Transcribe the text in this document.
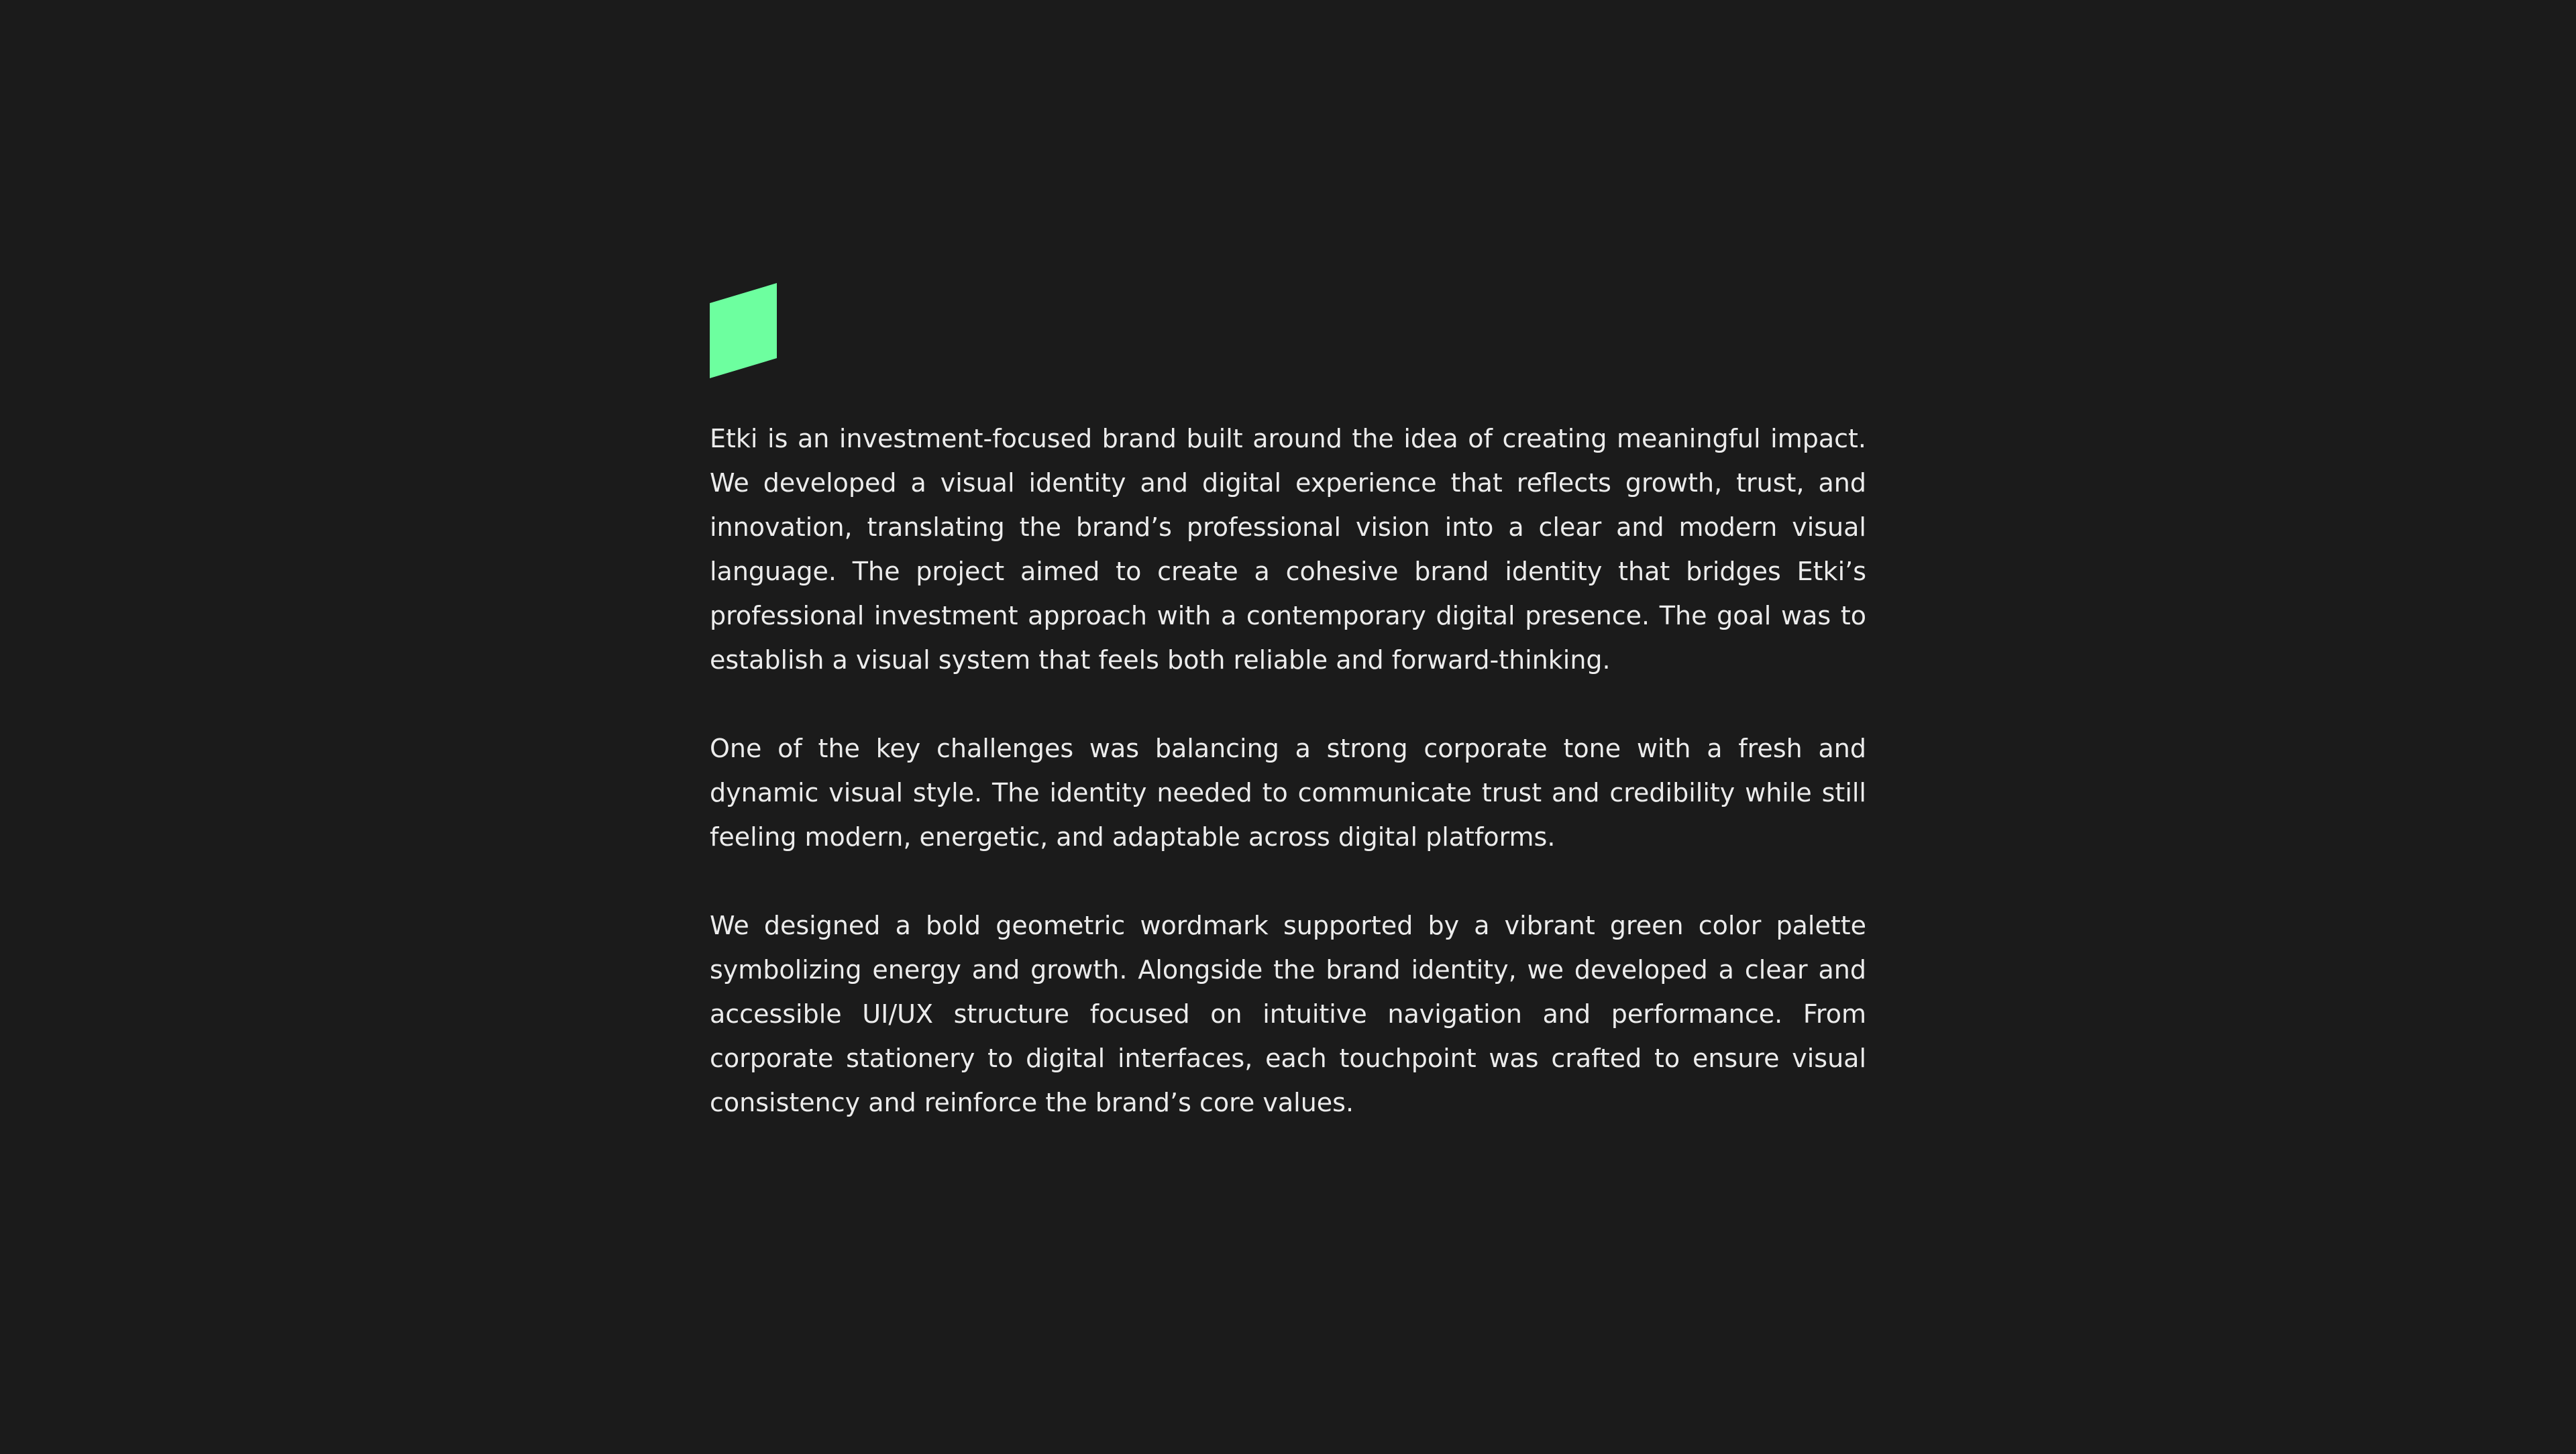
Etki is an investment-focused brand built around the idea of creating meaningful impact. We developed a visual identity and digital experience that reflects growth, trust, and innovation, translating the brand’s professional vision into a clear and modern visual language. The project aimed to create a cohesive brand identity that bridges Etki’s professional investment approach with a contemporary digital presence. The goal was to establish a visual system that feels both reliable and forward-thinking.

One of the key challenges was balancing a strong corporate tone with a fresh and dynamic visual style. The identity needed to communicate trust and credibility while still feeling modern, energetic, and adaptable across digital platforms.

We designed a bold geometric wordmark supported by a vibrant green color palette symbolizing energy and growth. Alongside the brand identity, we developed a clear and accessible UI/UX structure focused on intuitive navigation and performance. From corporate stationery to digital interfaces, each touchpoint was crafted to ensure visual consistency and reinforce the brand’s core values.
